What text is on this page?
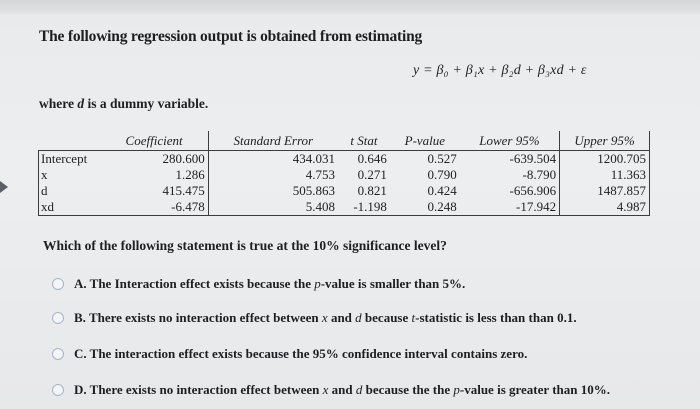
The following regression output is obtained from estimating
y = β₀ + β₁x + β₂d + β₃xd + ε
where d is a dummy variable.
	Coefficient	Standard Error	t Stat	P-value	Lower 95%	Upper 95%
Intercept	280.600	434.031	0.646	0.527	-639.504	1200.705
x	1.286	4.753	0.271	0.790	-8.790	11.363
d	415.475	505.863	0.821	0.424	-656.906	1487.857
xd	-6.478	5.408	-1.198	0.248	-17.942	4.987
Which of the following statement is true at the 10% significance level?
A. The Interaction effect exists because the p-value is smaller than 5%.
B. There exists no interaction effect between x and d because t-statistic is less than than 0.1.
C. The interaction effect exists because the 95% confidence interval contains zero.
D. There exists no interaction effect between x and d because the the p-value is greater than 10%.
